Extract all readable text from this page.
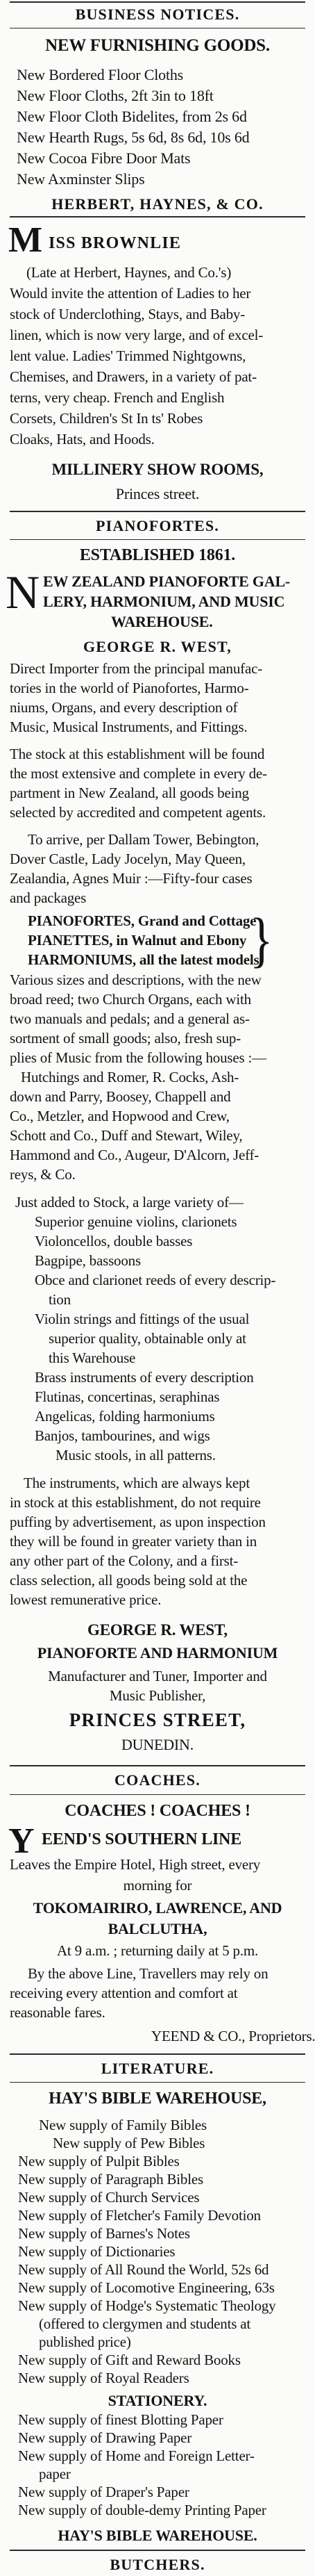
BUSINESS NOTICES.
NEW FURNISHING GOODS.
New Bordered Floor Cloths
New Floor Cloths, 2ft 3in to 18ft
New Floor Cloth Bidelites, from 2s 6d
New Hearth Rugs, 5s 6d, 8s 6d, 10s 6d
New Cocoa Fibre Door Mats
New Axminster Slips
HERBERT, HAYNES, & CO.
M ISS BROWNLIE
(Late at Herbert, Haynes, and Co.'s)
Would invite the attention of Ladies to her
stock of Underclothing, Stays, and Baby-
linen, which is now very large, and of excel-
lent value. Ladies' Trimmed Nightgowns,
Chemises, and Drawers, in a variety of pat-
terns, very cheap. French and English
Corsets, Children's St In ts' Robes
Cloaks, Hats, and Hoods.
MILLINERY SHOW ROOMS,
Princes street.
PIANOFORTES.
ESTABLISHED 1861.
N EW ZEALAND PIANOFORTE GAL-
LERY, HARMONIUM, AND MUSIC
WAREHOUSE.
GEORGE R. WEST,
Direct Importer from the principal manufac-
tories in the world of Pianofortes, Harmo-
niums, Organs, and every description of
Music, Musical Instruments, and Fittings.
The stock at this establishment will be found
the most extensive and complete in every de-
partment in New Zealand, all goods being
selected by accredited and competent agents.
To arrive, per Dallam Tower, Bebington,
Dover Castle, Lady Jocelyn, May Queen,
Zealandia, Agnes Muir :—Fifty-four cases
and packages
PIANOFORTES, Grand and Cottage
PIANETTES, in Walnut and Ebony
HARMONIUMS, all the latest models
Various sizes and descriptions, with the new
broad reed; two Church Organs, each with
two manuals and pedals; and a general as-
sortment of small goods; also, fresh sup-
plies of Music from the following houses :—
Hutchings and Romer, R. Cocks, Ash-
down and Parry, Boosey, Chappell and
Co., Metzler, and Hopwood and Crew,
Schott and Co., Duff and Stewart, Wiley,
Hammond and Co., Augeur, D'Alcorn, Jeff-
reys, & Co.
Just added to Stock, a large variety of—
Superior genuine violins, clarionets
Violoncellos, double basses
Bagpipe, bassoons
Obce and clarionet reeds of every descrip-
tion
Violin strings and fittings of the usual
superior quality, obtainable only at
this Warehouse
Brass instruments of every description
Flutinas, concertinas, seraphinas
Angelicas, folding harmoniums
Banjos, tambourines, and wigs
Music stools, in all patterns.
The instruments, which are always kept
in stock at this establishment, do not require
puffing by advertisement, as upon inspection
they will be found in greater variety than in
any other part of the Colony, and a first-
class selection, all goods being sold at the
lowest remunerative price.
GEORGE R. WEST,
PIANOFORTE AND HARMONIUM
Manufacturer and Tuner, Importer and
Music Publisher,
PRINCES STREET,
DUNEDIN.
COACHES.
COACHES ! COACHES !
Y EEND'S SOUTHERN LINE
Leaves the Empire Hotel, High street, every
morning for
TOKOMAIRIRO, LAWRENCE, AND
BALCLUTHA,
At 9 a.m. ; returning daily at 5 p.m.
By the above Line, Travellers may rely on
receiving every attention and comfort at
reasonable fares.
YEEND & CO., Proprietors.
LITERATURE.
HAY'S BIBLE WAREHOUSE,
New supply of Family Bibles
New supply of Pew Bibles
New supply of Pulpit Bibles
New supply of Paragraph Bibles
New supply of Church Services
New supply of Fletcher's Family Devotion
New supply of Barnes's Notes
New supply of Dictionaries
New supply of All Round the World, 52s 6d
New supply of Locomotive Engineering, 63s
New supply of Hodge's Systematic Theology
(offered to clergymen and students at
published price)
New supply of Gift and Reward Books
New supply of Royal Readers
STATIONERY.
New supply of finest Blotting Paper
New supply of Drawing Paper
New supply of Home and Foreign Letter-
paper
New supply of Draper's Paper
New supply of double-demy Printing Paper
HAY'S BIBLE WAREHOUSE.
BUTCHERS.
}
